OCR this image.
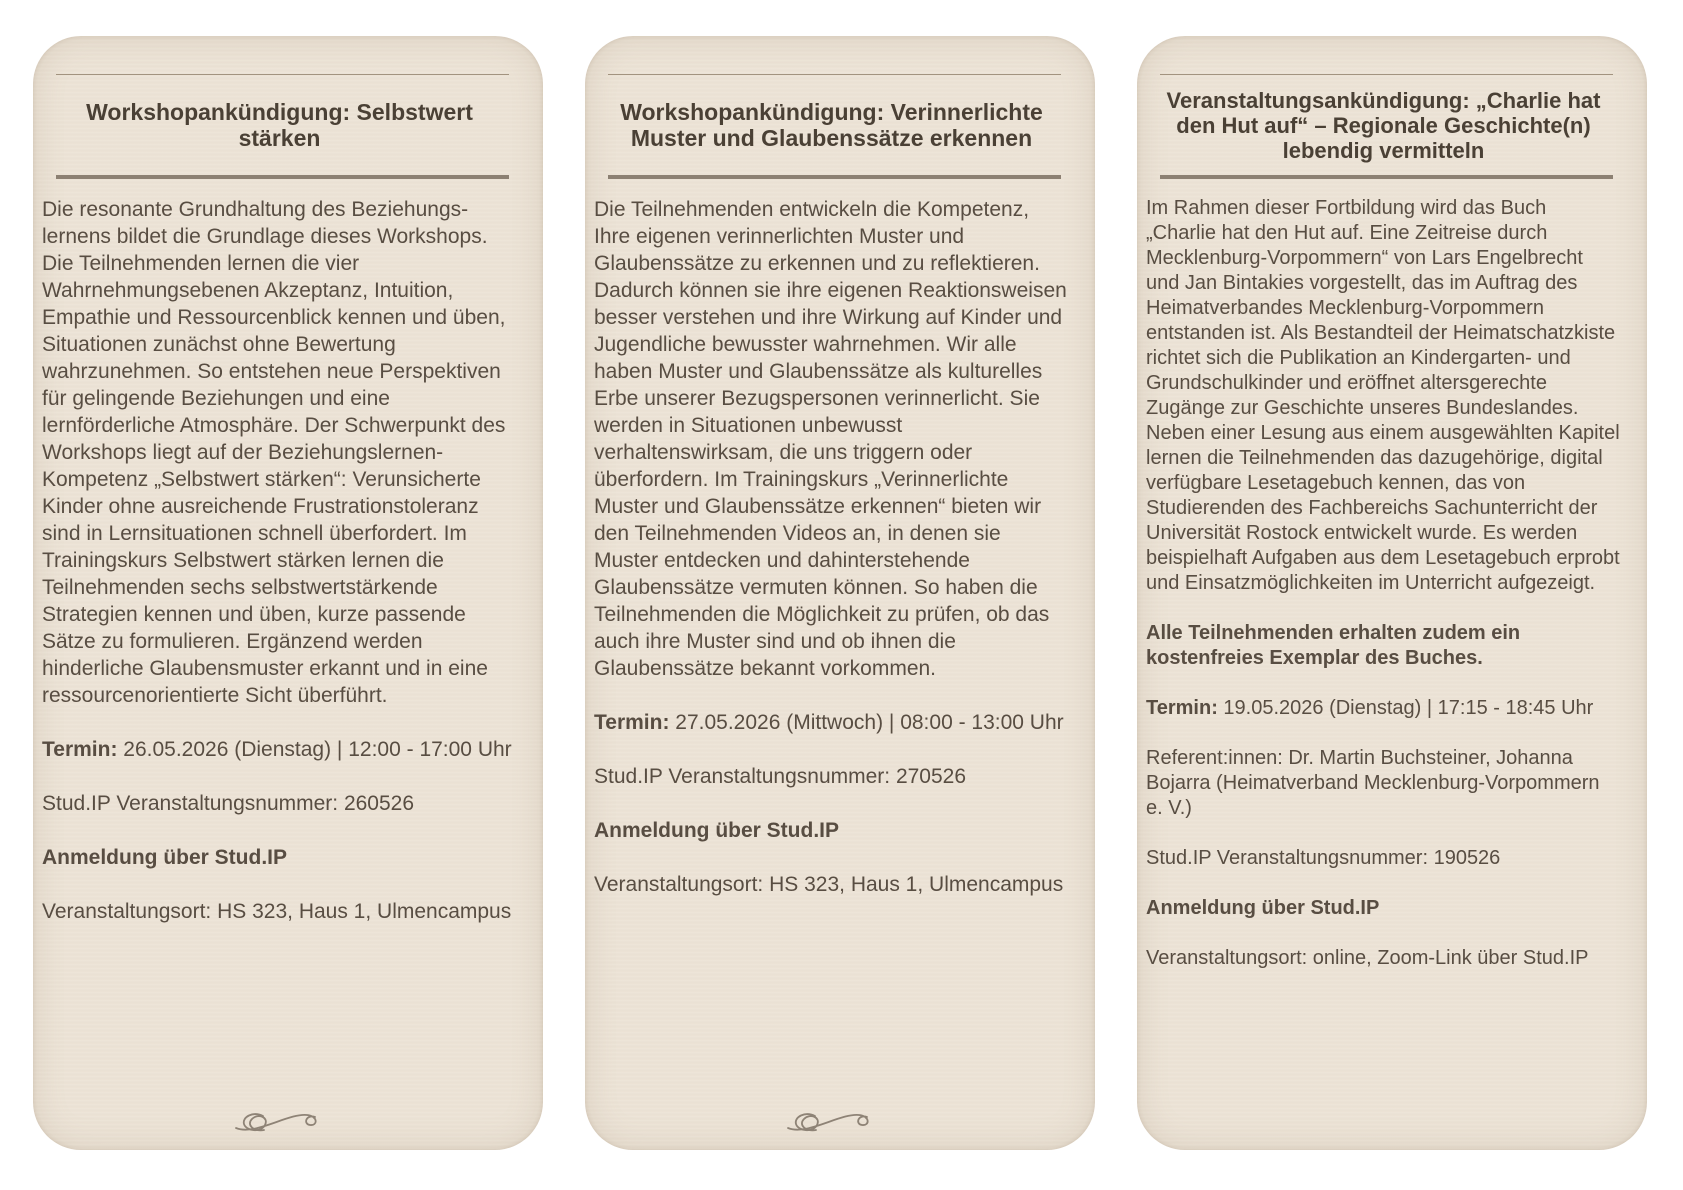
Workshopankündigung: Selbstwert stärken

Die resonante Grundhaltung des Beziehungs-lernens bildet die Grundlage dieses Workshops. Die Teilnehmenden lernen die vier Wahrnehmungsebenen Akzeptanz, Intuition, Empathie und Ressourcenblick kennen und üben, Situationen zunächst ohne Bewertung wahrzunehmen. So entstehen neue Perspektiven für gelingende Beziehungen und eine lernförderliche Atmosphäre. Der Schwerpunkt des Workshops liegt auf der Beziehungslernen-Kompetenz „Selbstwert stärken“: Verunsicherte Kinder ohne ausreichende Frustrationstoleranz sind in Lernsituationen schnell überfordert. Im Trainingskurs Selbstwert stärken lernen die Teilnehmenden sechs selbstwertstärkende Strategien kennen und üben, kurze passende Sätze zu formulieren. Ergänzend werden hinderliche Glaubensmuster erkannt und in eine ressourcenorientierte Sicht überführt.

Termin: 26.05.2026 (Dienstag) | 12:00 - 17:00 Uhr

Stud.IP Veranstaltungsnummer: 260526

Anmeldung über Stud.IP

Veranstaltungsort: HS 323, Haus 1, Ulmencampus

Workshopankündigung: Verinnerlichte Muster und Glaubenssätze erkennen

Die Teilnehmenden entwickeln die Kompetenz, Ihre eigenen verinnerlichten Muster und Glaubenssätze zu erkennen und zu reflektieren. Dadurch können sie ihre eigenen Reaktionsweisen besser verstehen und ihre Wirkung auf Kinder und Jugendliche bewusster wahrnehmen. Wir alle haben Muster und Glaubenssätze als kulturelles Erbe unserer Bezugspersonen verinnerlicht. Sie werden in Situationen unbewusst verhaltenswirksam, die uns triggern oder überfordern. Im Trainingskurs „Verinnerlichte Muster und Glaubenssätze erkennen“ bieten wir den Teilnehmenden Videos an, in denen sie Muster entdecken und dahinterstehende Glaubenssätze vermuten können. So haben die Teilnehmenden die Möglichkeit zu prüfen, ob das auch ihre Muster sind und ob ihnen die Glaubenssätze bekannt vorkommen.

Termin: 27.05.2026 (Mittwoch) | 08:00 - 13:00 Uhr

Stud.IP Veranstaltungsnummer: 270526

Anmeldung über Stud.IP

Veranstaltungsort: HS 323, Haus 1, Ulmencampus

Veranstaltungsankündigung: „Charlie hat den Hut auf“ – Regionale Geschichte(n) lebendig vermitteln

Im Rahmen dieser Fortbildung wird das Buch „Charlie hat den Hut auf. Eine Zeitreise durch Mecklenburg-Vorpommern“ von Lars Engelbrecht und Jan Bintakies vorgestellt, das im Auftrag des Heimatverbandes Mecklenburg-Vorpommern entstanden ist. Als Bestandteil der Heimatschatzkiste richtet sich die Publikation an Kindergarten- und Grundschulkinder und eröffnet altersgerechte Zugänge zur Geschichte unseres Bundeslandes. Neben einer Lesung aus einem ausgewählten Kapitel lernen die Teilnehmenden das dazugehörige, digital verfügbare Lesetagebuch kennen, das von Studierenden des Fachbereichs Sachunterricht der Universität Rostock entwickelt wurde. Es werden beispielhaft Aufgaben aus dem Lesetagebuch erprobt und Einsatzmöglichkeiten im Unterricht aufgezeigt.

Alle Teilnehmenden erhalten zudem ein kostenfreies Exemplar des Buches.

Termin: 19.05.2026 (Dienstag) | 17:15 - 18:45 Uhr

Referent:innen: Dr. Martin Buchsteiner, Johanna Bojarra (Heimatverband Mecklenburg-Vorpommern e. V.)

Stud.IP Veranstaltungsnummer: 190526

Anmeldung über Stud.IP

Veranstaltungsort: online, Zoom-Link über Stud.IP
